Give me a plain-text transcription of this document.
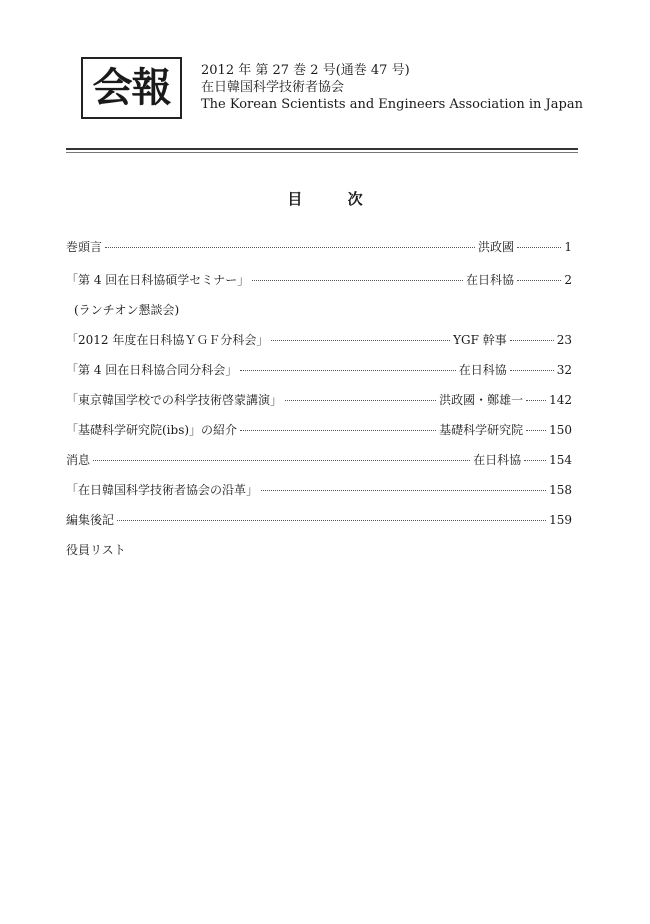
会報 2012 年 第 27 巻 2 号(通巻 47 号)
在日韓国科学技術者協会
The Korean Scientists and Engineers Association in Japan
目 次
巻頭言	洪政國	1
「第 4 回在日科協碩学セミナー」	在日科協	2
(ランチオン懇談会)
「2012 年度在日科協ＹＧＦ分科会」	YGF 幹事	23
「第 4 回在日科協合同分科会」	在日科協	32
「東京韓国学校での科学技術啓蒙講演」	洪政國・鄭雄一 142
「基礎科学研究院(ibs)」の紹介	基礎科学研究院 150
消息	在日科協 154
「在日韓国科学技術者協会の沿革」	158
編集後記	159
役員リスト
